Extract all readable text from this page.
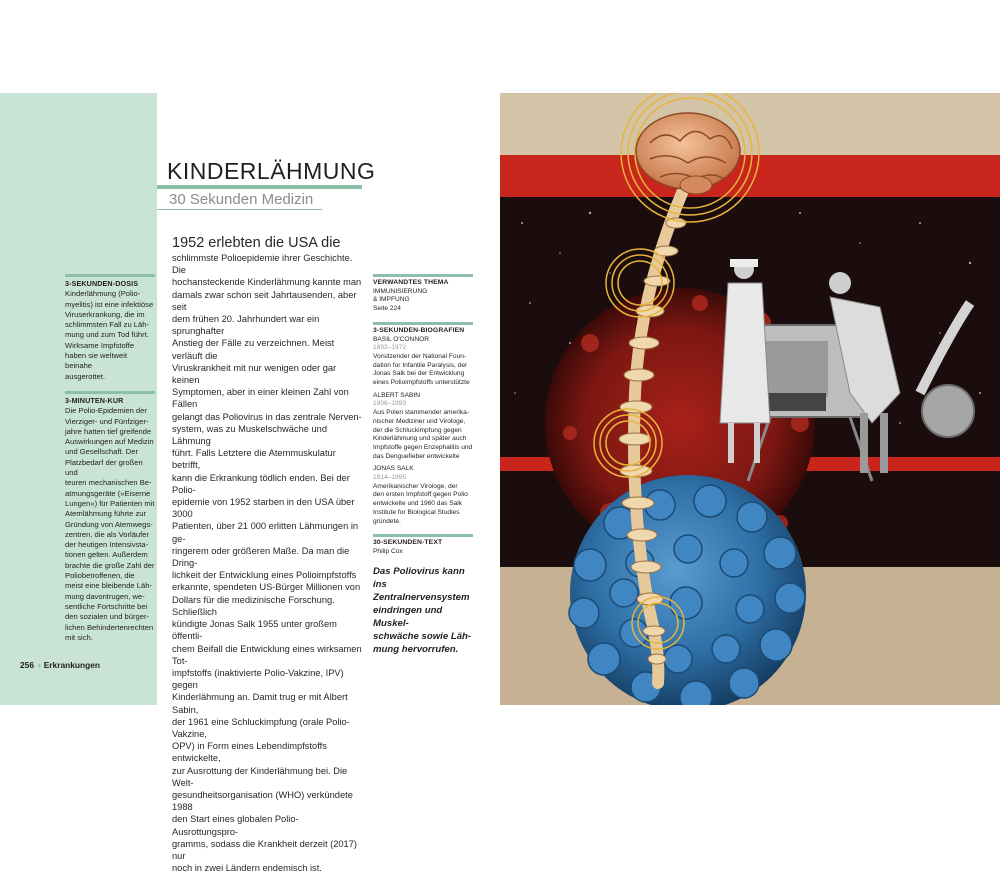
KINDERLÄHMUNG
30 Sekunden Medizin
3-SEKUNDEN-DOSIS
Kinderlähmung (Polio-
myelitis) ist eine infektiöse
Viruserkrankung, die im
schlimmsten Fall zu Läh-
mung und zum Tod führt.
Wirksame Impfstoffe
haben sie weltweit beinahe
ausgerottet.
3-MINUTEN-KUR
Die Polio-Epidemien der
Vierziger- und Fünfziger-
jahre hatten tief greifende
Auswirkungen auf Medizin
und Gesellschaft. Der
Platzbedarf der großen und
teuren mechanischen Be-
atmungsgeräte (»Eiserne
Lungen«) für Patienten mit
Atemlähmung führte zur
Gründung von Atemwegs-
zentren, die als Vorläufer
der heutigen Intensivsta-
tionen gelten. Außerdem
brachte die große Zahl der
Poliobetroffenen, die
meist eine bleibende Läh-
mung davontrugen, we-
sentliche Fortschritte bei
den sozialen und bürger-
lichen Behindertenrechten
mit sich.
1952 erlebten die USA die
schlimmste Polioepidemie ihrer Geschichte. Die
hochansteckende Kinderlähmung kannte man
damals zwar schon seit Jahrtausenden, aber seit
dem frühen 20. Jahrhundert war ein sprunghafter
Anstieg der Fälle zu verzeichnen. Meist verläuft die
Viruskrankheit mit nur wenigen oder gar keinen
Symptomen, aber in einer kleinen Zahl von Fällen
gelangt das Poliovirus in das zentrale Nerven-
system, was zu Muskelschwäche und Lähmung
führt. Falls Letztere die Atemmuskulatur betrifft,
kann die Erkrankung tödlich enden. Bei der Polio-
epidemie von 1952 starben in den USA über 3000
Patienten, über 21 000 erlitten Lähmungen in ge-
ringerem oder größeren Maße. Da man die Dring-
lichkeit der Entwicklung eines Polioimpfstoffs
erkannte, spendeten US-Bürger Millionen von
Dollars für die medizinische Forschung. Schließlich
kündigte Jonas Salk 1955 unter großem öffentli-
chem Beifall die Entwicklung eines wirksamen Tot-
impfstoffs (inaktivierte Polio-Vakzine, IPV) gegen
Kinderlähmung an. Damit trug er mit Albert Sabin,
der 1961 eine Schluckimpfung (orale Polio-Vakzine,
OPV) in Form eines Lebendimpfstoffs entwickelte,
zur Ausrottung der Kinderlähmung bei. Die Welt-
gesundheitsorganisation (WHO) verkündete 1988
den Start eines globalen Polio-Ausrottungspro-
gramms, sodass die Krankheit derzeit (2017) nur
noch in zwei Ländern endemisch ist.
VERWANDTES THEMA
IMMUNISIERUNG
& IMPFUNG
Seite 224
3-SEKUNDEN-BIOGRAFIEN
BASIL O'CONNOR
1892–1972
Vorsitzender der National Foun-
dation for Infantile Paralysis, der
Jonas Salk bei der Entwicklung
eines Polioimpfstoffs unterstützte
ALBERT SABIN
1906–1993
Aus Polen stammender amerika-
nischer Mediziner und Virologe,
der die Schluckimpfung gegen
Kinderlähmung und später auch
Impfstoffe gegen Enzephalitis und
das Denguefieber entwickelte
JONAS SALK
1914–1995
Amerikanischer Virologe, der
den ersten Impfstoff gegen Polio
entwickelte und 1960 das Salk
Institute for Biological Studies
gründete.
30-SEKUNDEN-TEXT
Philip Cox
Das Poliovirus kann ins
Zentralnervensystem
eindringen und Muskel-
schwäche sowie Läh-
mung hervorrufen.
256 ◑ Erkrankungen
